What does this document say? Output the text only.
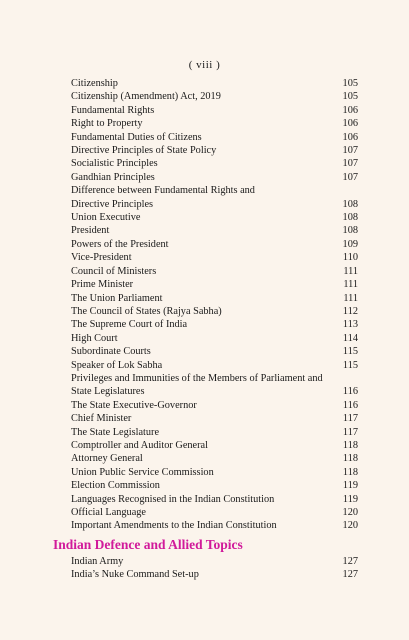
( viii )
Citizenship	105
Citizenship (Amendment) Act, 2019	105
Fundamental Rights	106
Right to Property	106
Fundamental Duties of Citizens	106
Directive Principles of State Policy	107
Socialistic Principles	107
Gandhian Principles	107
Difference between Fundamental Rights and
Directive Principles	108
Union Executive	108
President	108
Powers of the President	109
Vice-President	110
Council of Ministers	111
Prime Minister	111
The Union Parliament	111
The Council of States (Rajya Sabha)	112
The Supreme Court of India	113
High Court	114
Subordinate Courts	115
Speaker of Lok Sabha	115
Privileges and Immunities of the Members of Parliament and
State Legislatures	116
The State Executive-Governor	116
Chief Minister	117
The State Legislature	117
Comptroller and Auditor General	118
Attorney General	118
Union Public Service Commission	118
Election Commission	119
Languages Recognised in the Indian Constitution	119
Official Language	120
Important Amendments to the Indian Constitution	120
Indian Defence and Allied Topics
Indian Army	127
India’s Nuke Command Set-up	127
